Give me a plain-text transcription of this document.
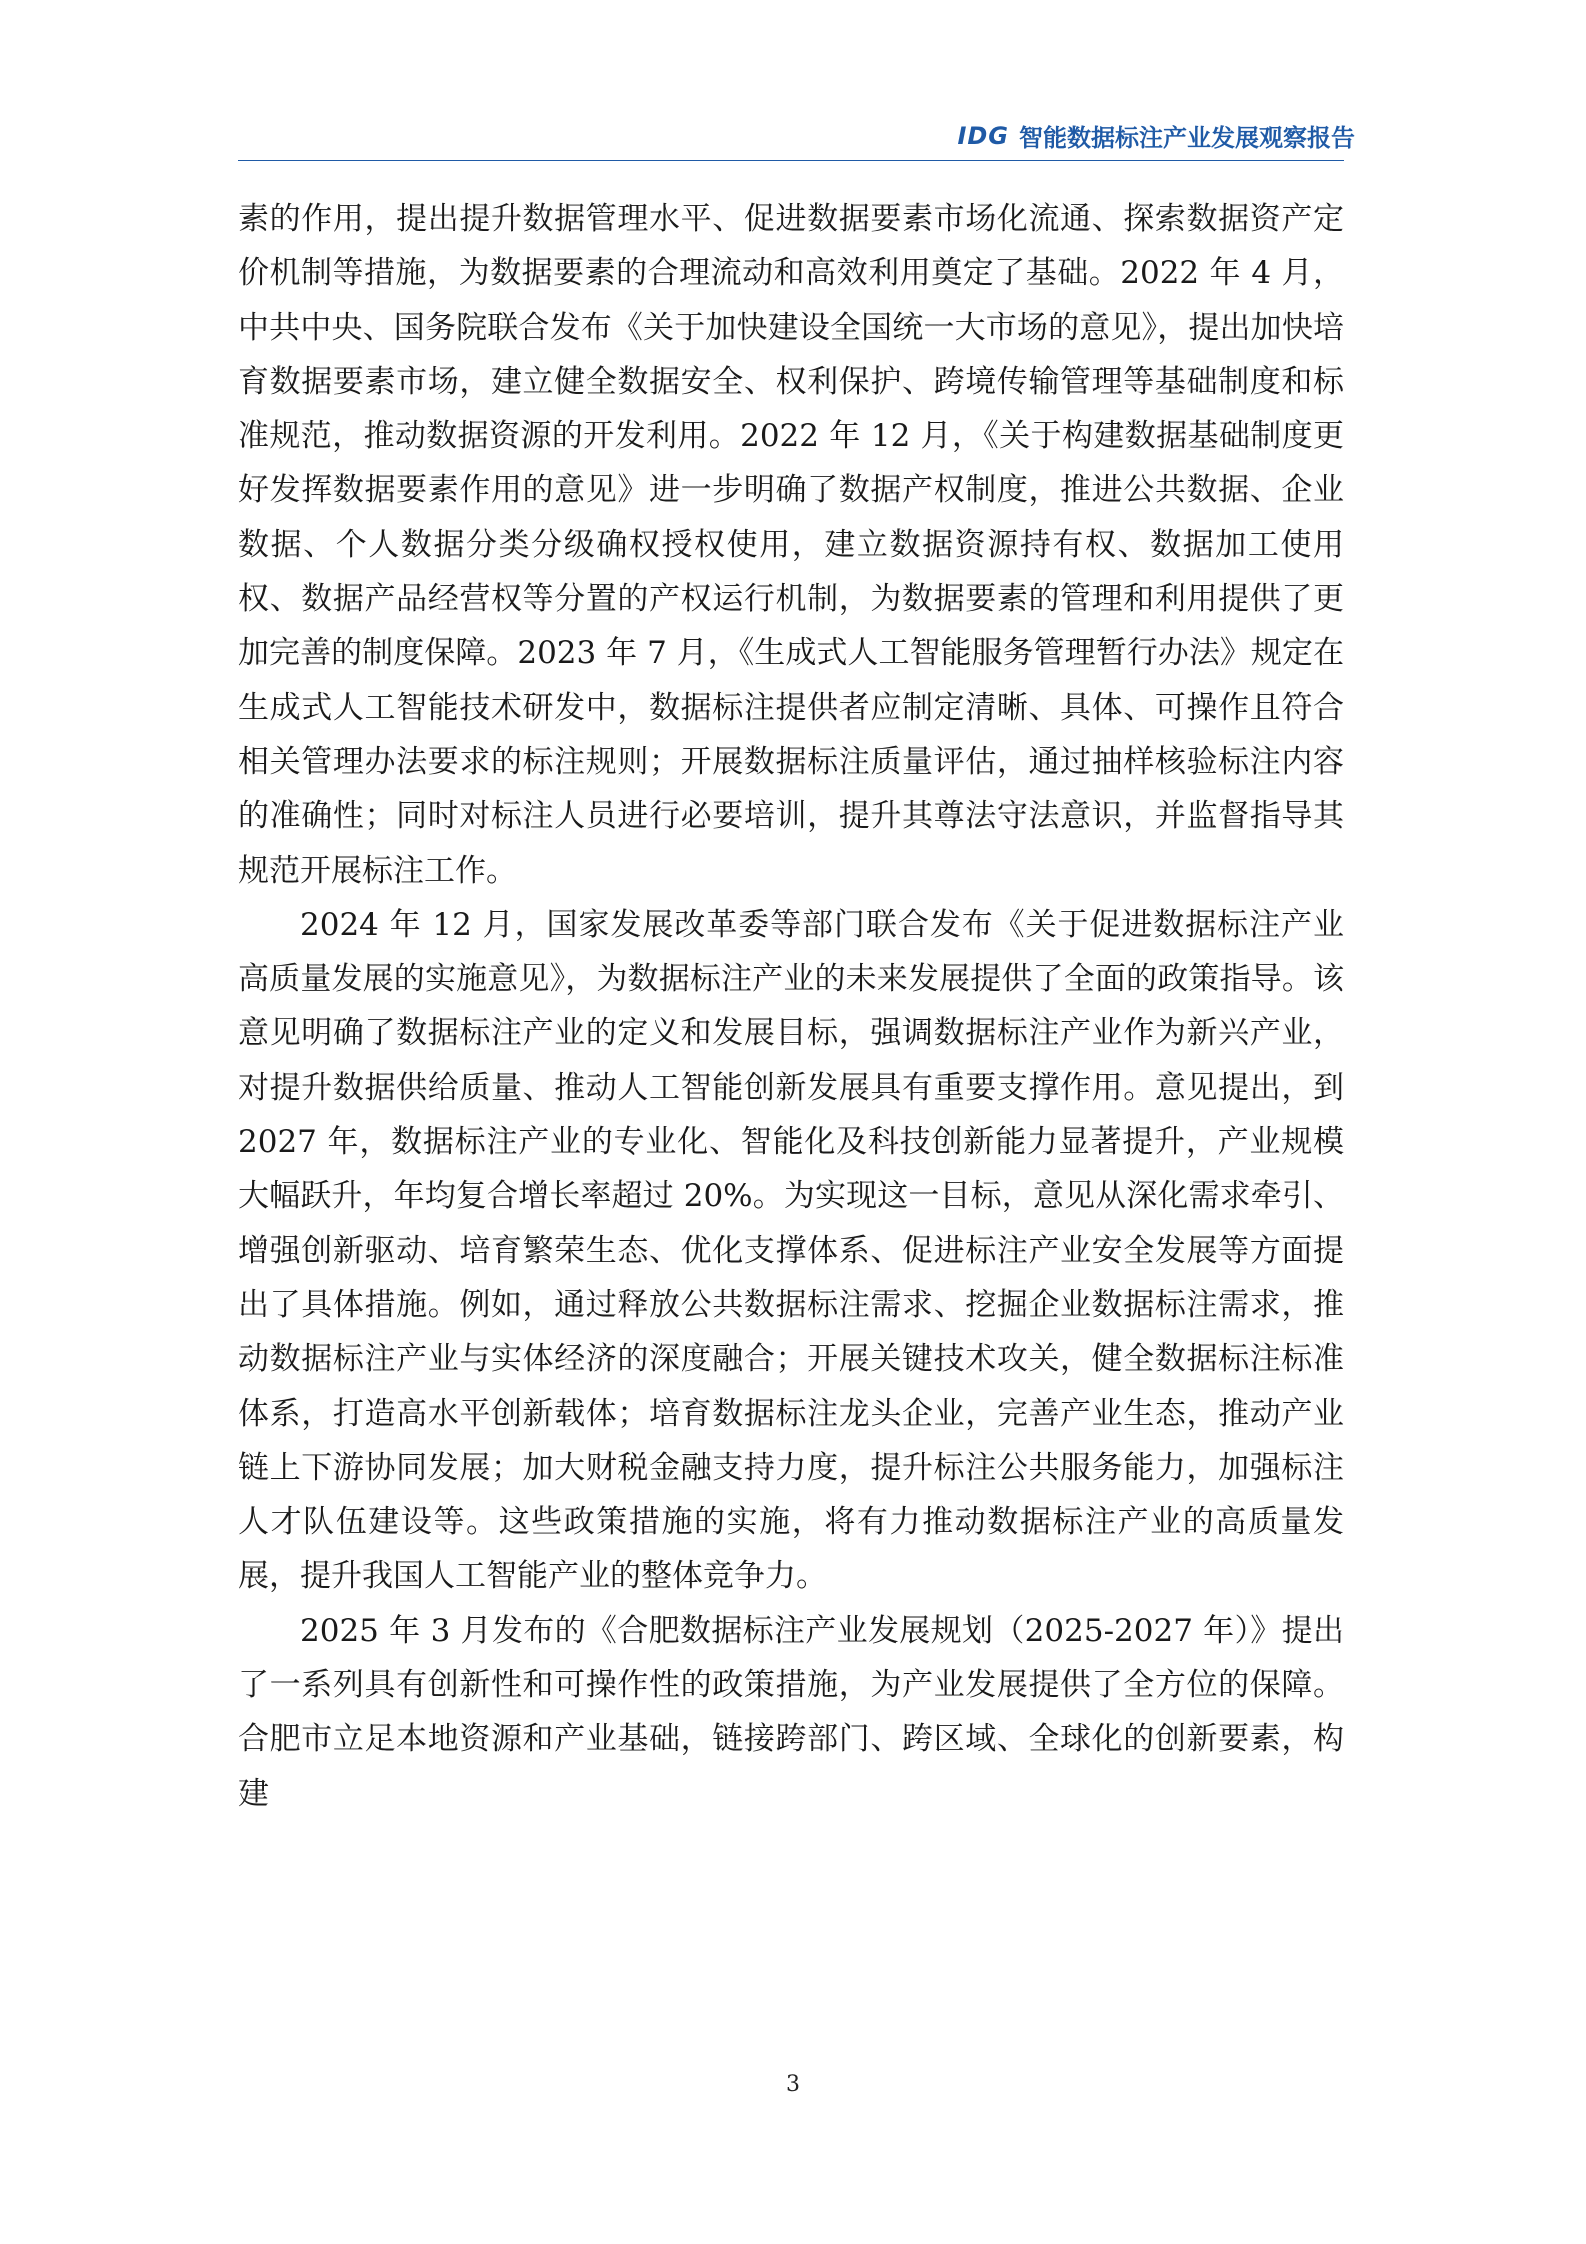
IDG 智能数据标注产业发展观察报告

素的作用，提出提升数据管理水平、促进数据要素市场化流通、探索数据资产定价机制等措施，为数据要素的合理流动和高效利用奠定了基础。2022 年 4 月，中共中央、国务院联合发布《关于加快建设全国统一大市场的意见》，提出加快培育数据要素市场，建立健全数据安全、权利保护、跨境传输管理等基础制度和标准规范，推动数据资源的开发利用。2022 年 12 月，《关于构建数据基础制度更好发挥数据要素作用的意见》进一步明确了数据产权制度，推进公共数据、企业数据、个人数据分类分级确权授权使用，建立数据资源持有权、数据加工使用权、数据产品经营权等分置的产权运行机制，为数据要素的管理和利用提供了更加完善的制度保障。2023 年 7 月，《生成式人工智能服务管理暂行办法》规定在生成式人工智能技术研发中，数据标注提供者应制定清晰、具体、可操作且符合相关管理办法要求的标注规则；开展数据标注质量评估，通过抽样核验标注内容的准确性；同时对标注人员进行必要培训，提升其尊法守法意识，并监督指导其规范开展标注工作。

2024 年 12 月，国家发展改革委等部门联合发布《关于促进数据标注产业高质量发展的实施意见》，为数据标注产业的未来发展提供了全面的政策指导。该意见明确了数据标注产业的定义和发展目标，强调数据标注产业作为新兴产业，对提升数据供给质量、推动人工智能创新发展具有重要支撑作用。意见提出，到 2027 年，数据标注产业的专业化、智能化及科技创新能力显著提升，产业规模大幅跃升，年均复合增长率超过 20%。为实现这一目标，意见从深化需求牵引、增强创新驱动、培育繁荣生态、优化支撑体系、促进标注产业安全发展等方面提出了具体措施。例如，通过释放公共数据标注需求、挖掘企业数据标注需求，推动数据标注产业与实体经济的深度融合；开展关键技术攻关，健全数据标注标准体系，打造高水平创新载体；培育数据标注龙头企业，完善产业生态，推动产业链上下游协同发展；加大财税金融支持力度，提升标注公共服务能力，加强标注人才队伍建设等。这些政策措施的实施，将有力推动数据标注产业的高质量发展，提升我国人工智能产业的整体竞争力。

2025 年 3 月发布的《合肥数据标注产业发展规划（2025-2027 年）》提出了一系列具有创新性和可操作性的政策措施，为产业发展提供了全方位的保障。合肥市立足本地资源和产业基础，链接跨部门、跨区域、全球化的创新要素，构建

3
